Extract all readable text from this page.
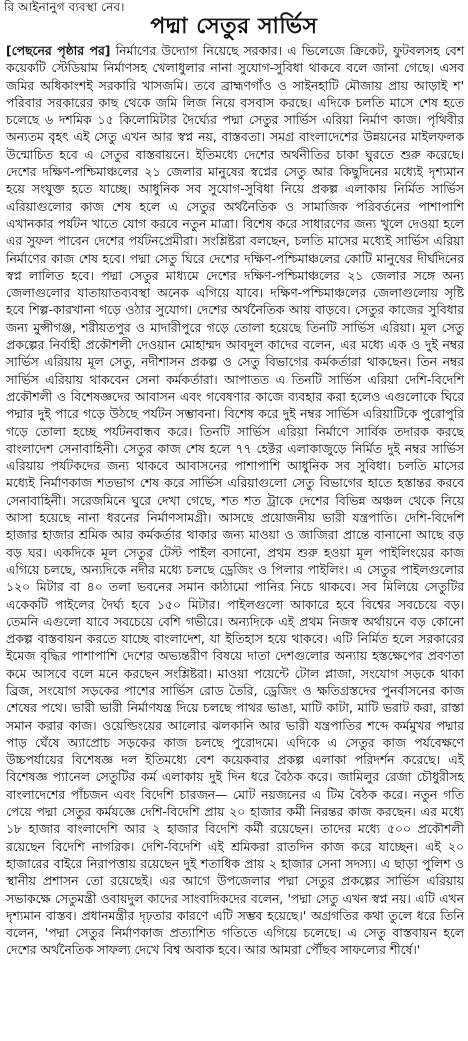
রি আইনানুগ ব্যবস্থা নেব।
পদ্মা সেতুর সার্ভিস

[পেছনের পৃষ্ঠার পর] নির্মাণের উদ্যোগ নিয়েছে সরকার। এ ভিলেজে ক্রিকেট, ফুটবলসহ বেশ কয়েকটি স্টেডিয়াম নির্মাণসহ খেলাধুলার নানা সুযোগ-সুবিধা থাকবে বলে জানা গেছে। এসব জমির অধিকাংশই সরকারি খাসজমি। তবে ব্রাহ্মণগাঁও ও সাইনহাটি মৌজায় প্রায় আড়াই শ' পরিবার সরকারের কাছ থেকে জমি লিজ নিয়ে বসবাস করছে। এদিকে চলতি মাসে শেষ হতে চলেছে ৬ দশমিক ১৫ কিলোমিটার দৈর্ঘ্যের পদ্মা সেতুর সার্ভিস এরিয়া নির্মাণ কাজ। পৃথিবীর অন্যতম বৃহৎ এই সেতু এখন আর স্বপ্ন নয়, বাস্তবতা। সমগ্র বাংলাদেশের উন্নয়নের মাইলফলক উন্মোচিত হবে এ সেতুর বাস্তবায়নে। ইতিমধ্যে দেশের অর্থনীতির চাকা ঘুরতে শুরু করেছে। দেশের দক্ষিণ-পশ্চিমাঞ্চলের ২১ জেলার মানুষের স্বপ্নের সেতু আর কিছুদিনের মধ্যেই দৃশ্যমান হয়ে সংযুক্ত হতে যাচ্ছে। আধুনিক সব সুযোগ-সুবিধা নিয়ে প্রকল্প এলাকায় নির্মিত সার্ভিস এরিয়াগুলোর কাজ শেষ হলে এ সেতুর অর্থনৈতিক ও সামাজিক পরিবর্তনের পাশাপাশি এখানকার পর্যটন খাতে যোগ করবে নতুন মাত্রা। বিশেষ করে সাধারণের জন্য খুলে দেওয়া হলে এর সুফল পাবেন দেশের পর্যটনপ্রেমীরা। সংশ্লিষ্টরা বলছেন, চলতি মাসের মধ্যেই সার্ভিস এরিয়া নির্মাণের কাজ শেষ হবে। পদ্মা সেতু ঘিরে দেশের দক্ষিণ-পশ্চিমাঞ্চলের কোটি মানুষের দীর্ঘদিনের স্বপ্ন লালিত হবে। পদ্মা সেতুর মাধ্যমে দেশের দক্ষিণ-পশ্চিমাঞ্চলের ২১ জেলার সঙ্গে অন্য জেলাগুলোর যাতায়াতব্যবস্থা অনেক এগিয়ে যাবে। দক্ষিণ-পশ্চিমাঞ্চলের জেলাগুলোয় সৃষ্টি হবে শিল্প-কারখানা গড়ে ওঠার সুযোগ। দেশের অর্থনৈতিক আয় বাড়বে। সেতুর কাজের সুবিধার জন্য মুন্সীগঞ্জ, শরীয়তপুর ও মাদারীপুরে গড়ে তোলা হয়েছে তিনটি সার্ভিস এরিয়া। মূল সেতু প্রকল্পের নির্বাহী প্রকৌশলী দেওয়ান মোহাম্মদ আবদুল কাদের বলেন, এর মধ্যে এক ও দুই নম্বর সার্ভিস এরিয়ায় মূল সেতু, নদীশাসন প্রকল্প ও সেতু বিভাগের কর্মকর্তারা থাকছেন। তিন নম্বর সার্ভিস এরিয়ায় থাকবেন সেনা কর্মকর্তারা। আপাতত এ তিনটি সার্ভিস এরিয়া দেশি-বিদেশি প্রকৌশলী ও বিশেষজ্ঞদের আবাসন এবং গবেষণার কাজে ব্যবহার করা হলেও এগুলোকে ঘিরে পদ্মার দুই পারে গড়ে উঠছে পর্যটন সম্ভাবনা। বিশেষ করে দুই নম্বর সার্ভিস এরিয়াটিকে পুরোপুরি গড়ে তোলা হচ্ছে পর্যটনবান্ধব করে। তিনটি সার্ভিস এরিয়া নির্মাণে সার্বিক তদারক করছে বাংলাদেশ সেনাবাহিনী। সেতুর কাজ শেষ হলে ৭৭ হেক্টর এলাকাজুড়ে নির্মিত দুই নম্বর সার্ভিস এরিয়ায় পর্যটকদের জন্য থাকবে আবাসনের পাশাপাশি আধুনিক সব সুবিধা। চলতি মাসের মধ্যেই নির্মাণকাজ শতভাগ শেষ করে সার্ভিস এরিয়াগুলো সেতু বিভাগের হাতে হস্তান্তর করবে সেনাবাহিনী। সরেজমিনে ঘুরে দেখা গেছে, শত শত ট্রাকে দেশের বিভিন্ন অঞ্চল থেকে নিয়ে আসা হয়েছে নানা ধরনের নির্মাণসামগ্রী। আসছে প্রয়োজনীয় ভারী যন্ত্রপাতি। দেশি-বিদেশি হাজার হাজার শ্রমিক আর কর্মকর্তার থাকার জন্য মাওয়া ও জাজিরা প্রান্তে বানানো আছে বড় বড় ঘর। একদিকে মূল সেতুর টেস্ট পাইল বসানো, প্রথম শুরু হওয়া মূল পাইলিংয়ের কাজ এগিয়ে চলছে, অন্যদিকে নদীর মধ্যে চলছে ড্রেজিং ও পিলার পাইলিং। এ সেতুর পাইলগুলোর ১২০ মিটার বা ৪০ তলা ভবনের সমান কাঠামো পানির নিচে থাকবে। সব মিলিয়ে সেতুটির একেকটি পাইলের দৈর্ঘ্য হবে ১৫০ মিটার। পাইলগুলো আকারে হবে বিশ্বের সবচেয়ে বড়। তেমনি এগুলো যাবে সবচেয়ে বেশি গভীরে। অন্যদিকে এই প্রথম নিজস্ব অর্থায়নে বড় কোনো প্রকল্প বাস্তবায়ন করতে যাচ্ছে বাংলাদেশ, যা ইতিহাস হয়ে থাকবে। এটি নির্মিত হলে সরকারের ইমেজ বৃদ্ধির পাশাপাশি দেশের অভ্যন্তরীণ বিষয়ে দাতা দেশগুলোর অন্যায় হস্তক্ষেপের প্রবণতা কমে আসবে বলে মনে করছেন সংশ্লিষ্টরা। মাওয়া পয়েন্টে টোল প্লাজা, সংযোগ সড়কে থাকা ব্রিজ, সংযোগ সড়কের পাশের সার্ভিস রোড তৈরি, ড্রেজিং ও ক্ষতিগ্রস্তদের পুনর্বাসনের কাজ শেষের পথে। ভারী ভারী নির্মাণযন্ত্র দিয়ে চলছে পাথর ভাঙা, মাটি কাটা, মাটি ভরাট করা, রাস্তা সমান করার কাজ। ওয়েল্ডিংয়ের আলোর ঝলকানি আর ভারী যন্ত্রপাতির শব্দে কর্মমুখর পদ্মার পাড় ঘেঁষে অ্যাপ্রোচ সড়কের কাজ চলছে পুরোদমে। এদিকে এ সেতুর কাজ পর্যবেক্ষণে উচ্চপর্যায়ের বিশেষজ্ঞ দল ইতিমধ্যে বেশ কয়েকবার প্রকল্প এলাকা পরিদর্শন করেছে। এই বিশেষজ্ঞ প্যানেল সেতুটির কর্ম এলাকায় দুই দিন ধরে বৈঠক করে। জামিলুর রেজা চৌধুরীসহ বাংলাদেশের পাঁচজন এবং বিদেশি চারজন— মোট নয়জনের এ টিম বৈঠক করে। নতুন গতি পেয়ে পদ্মা সেতুর কর্মযজ্ঞে দেশি-বিদেশি প্রায় ২০ হাজার কর্মী নিরন্তর কাজ করছেন। এর মধ্যে ১৮ হাজার বাংলাদেশি আর ২ হাজার বিদেশি কর্মী রয়েছেন। তাদের মধ্যে ৫০০ প্রকৌশলী রয়েছেন বিদেশি নাগরিক। দেশি-বিদেশি এই শ্রমিকরা রাতদিন কাজ করে যাচ্ছেন। এই ২০ হাজারের বাইরে নিরাপত্তায় রয়েছেন দুই শতাধিক প্রায় ২ হাজার সেনা সদস্য। এ ছাড়া পুলিশ ও স্থানীয় প্রশাসন তো রয়েছেই। এর আগে উপজেলার পদ্মা সেতুর প্রকল্পের সার্ভিস এরিয়ায় সভাকক্ষে সেতুমন্ত্রী ওবায়দুল কাদের সাংবাদিকদের বলেন, 'পদ্মা সেতু এখন স্বপ্ন নয়। এটি এখন দৃশ্যমান বাস্তব। প্রধানমন্ত্রীর দৃঢ়তার কারণে এটি সম্ভব হয়েছে।' অগ্রগতির কথা তুলে ধরে তিনি বলেন, 'পদ্মা সেতুর নির্মাণকাজ প্রত্যাশিত গতিতে এগিয়ে চলেছে। এ সেতু বাস্তবায়ন হলে দেশের অর্থনৈতিক সাফল্য দেখে বিশ্ব অবাক হবে। আর আমরা পৌঁছব সাফল্যের শীর্ষে।'
